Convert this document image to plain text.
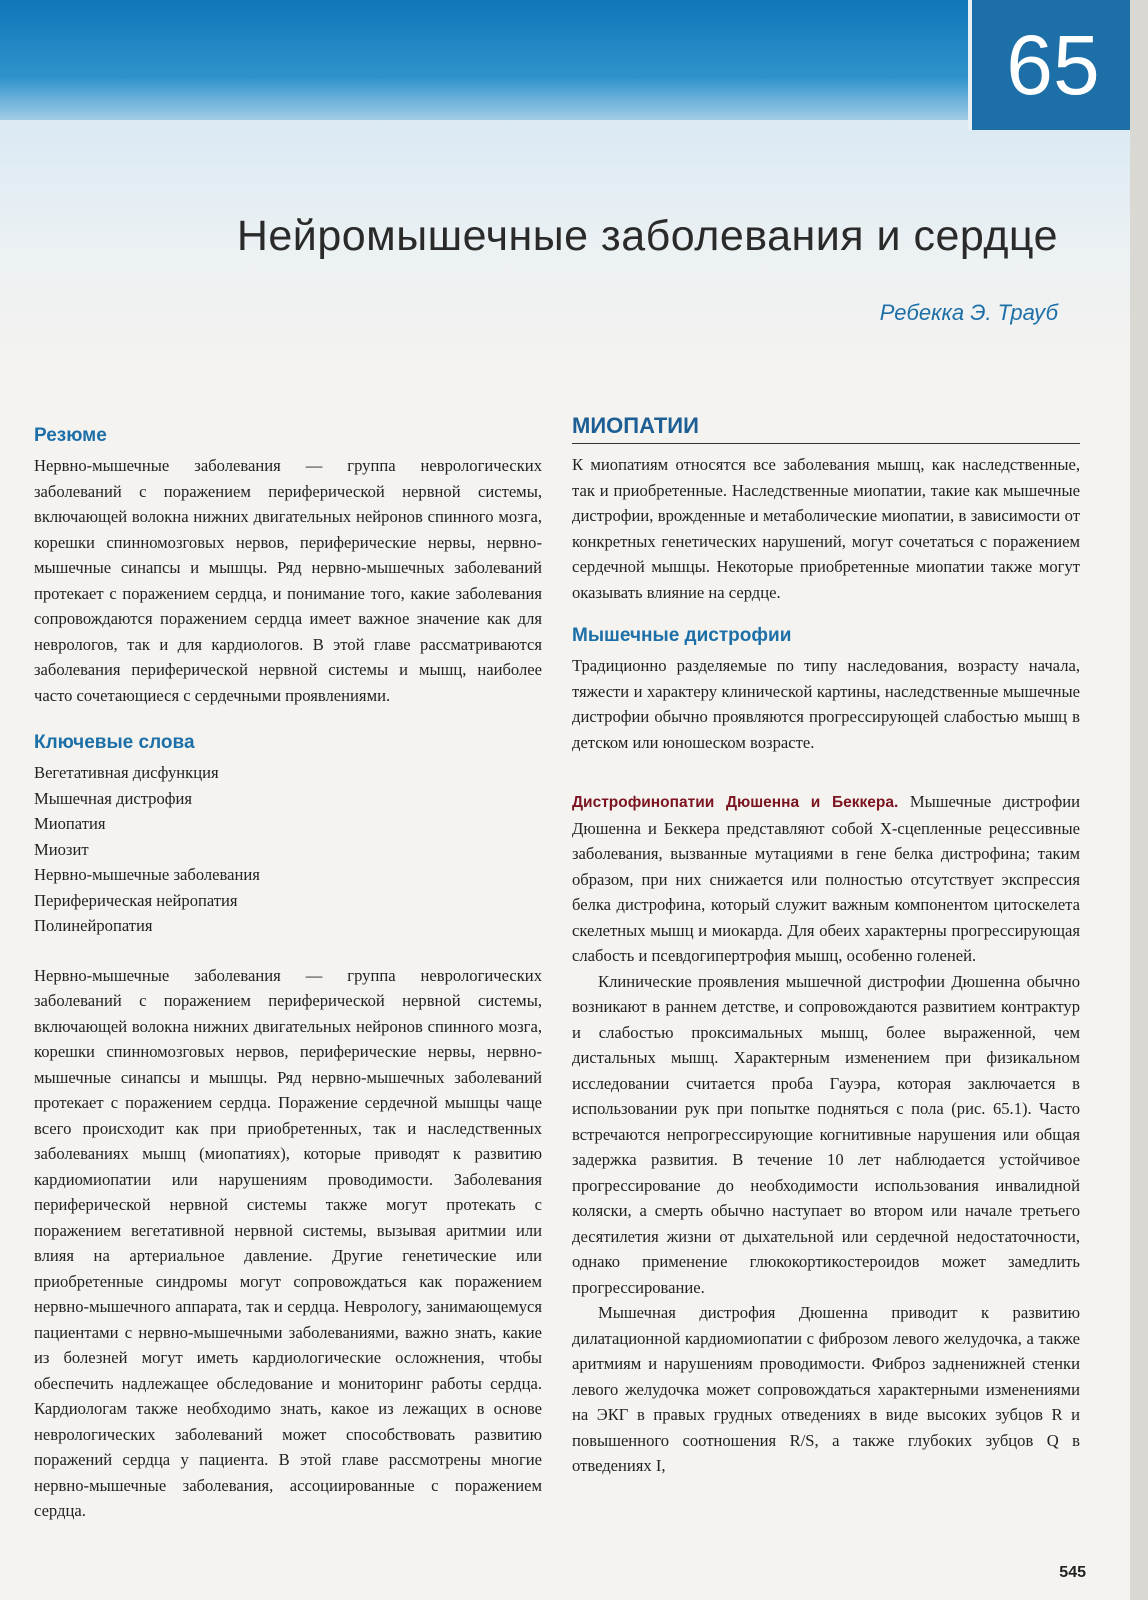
65
Нейромышечные заболевания и сердце
Ребекка Э. Трауб
Резюме

Нервно-мышечные заболевания — группа неврологических заболеваний с поражением периферической нервной системы, включающей волокна нижних двигательных нейронов спинного мозга, корешки спинномозговых нервов, периферические нервы, нервно-мышечные синапсы и мышцы. Ряд нервно-мышечных заболеваний протекает с поражением сердца, и понимание того, какие заболевания сопровождаются поражением сердца имеет важное значение как для неврологов, так и для кардиологов. В этой главе рассматриваются заболевания периферической нервной системы и мышц, наиболее часто сочетающиеся с сердечными проявлениями.

Ключевые слова
Вегетативная дисфункция
Мышечная дистрофия
Миопатия
Миозит
Нервно-мышечные заболевания
Периферическая нейропатия
Полинейропатия

Нервно-мышечные заболевания — группа неврологических заболеваний с поражением периферической нервной системы, включающей волокна нижних двигательных нейронов спинного мозга, корешки спинномозговых нервов, периферические нервы, нервно-мышечные синапсы и мышцы. Ряд нервно-мышечных заболеваний протекает с поражением сердца. Поражение сердечной мышцы чаще всего происходит как при приобретенных, так и наследственных заболеваниях мышц (миопатиях), которые приводят к развитию кардиомиопатии или нарушениям проводимости. Заболевания периферической нервной системы также могут протекать с поражением вегетативной нервной системы, вызывая аритмии или влияя на артериальное давление. Другие генетические или приобретенные синдромы могут сопровождаться как поражением нервно-мышечного аппарата, так и сердца. Неврологу, занимающемуся пациентами с нервно-мышечными заболеваниями, важно знать, какие из болезней могут иметь кардиологические осложнения, чтобы обеспечить надлежащее обследование и мониторинг работы сердца. Кардиологам также необходимо знать, какое из лежащих в основе неврологических заболеваний может способствовать развитию поражений сердца у пациента. В этой главе рассмотрены многие нервно-мышечные заболевания, ассоциированные с поражением сердца.

МИОПАТИИ

К миопатиям относятся все заболевания мышц, как наследственные, так и приобретенные. Наследственные миопатии, такие как мышечные дистрофии, врожденные и метаболические миопатии, в зависимости от конкретных генетических нарушений, могут сочетаться с поражением сердечной мышцы. Некоторые приобретенные миопатии также могут оказывать влияние на сердце.

Мышечные дистрофии

Традиционно разделяемые по типу наследования, возрасту начала, тяжести и характеру клинической картины, наследственные мышечные дистрофии обычно проявляются прогрессирующей слабостью мышц в детском или юношеском возрасте.

Дистрофинопатии Дюшенна и Беккера. Мышечные дистрофии Дюшенна и Беккера представляют собой Х-сцепленные рецессивные заболевания, вызванные мутациями в гене белка дистрофина; таким образом, при них снижается или полностью отсутствует экспрессия белка дистрофина, который служит важным компонентом цитоскелета скелетных мышц и миокарда. Для обеих характерны прогрессирующая слабость и псевдогипертрофия мышц, особенно голеней.

Клинические проявления мышечной дистрофии Дюшенна обычно возникают в раннем детстве, и сопровождаются развитием контрактур и слабостью проксимальных мышц, более выраженной, чем дистальных мышц. Характерным изменением при физикальном исследовании считается проба Гауэра, которая заключается в использовании рук при попытке подняться с пола (рис. 65.1). Часто встречаются непрогрессирующие когнитивные нарушения или общая задержка развития. В течение 10 лет наблюдается устойчивое прогрессирование до необходимости использования инвалидной коляски, а смерть обычно наступает во втором или начале третьего десятилетия жизни от дыхательной или сердечной недостаточности, однако применение глюкокортикостероидов может замедлить прогрессирование.

Мышечная дистрофия Дюшенна приводит к развитию дилатационной кардиомиопатии с фиброзом левого желудочка, а также аритмиям и нарушениям проводимости. Фиброз задненижней стенки левого желудочка может сопровождаться характерными изменениями на ЭКГ в правых грудных отведениях в виде высоких зубцов R и повышенного соотношения R/S, а также глубоких зубцов Q в отведениях I,

545
